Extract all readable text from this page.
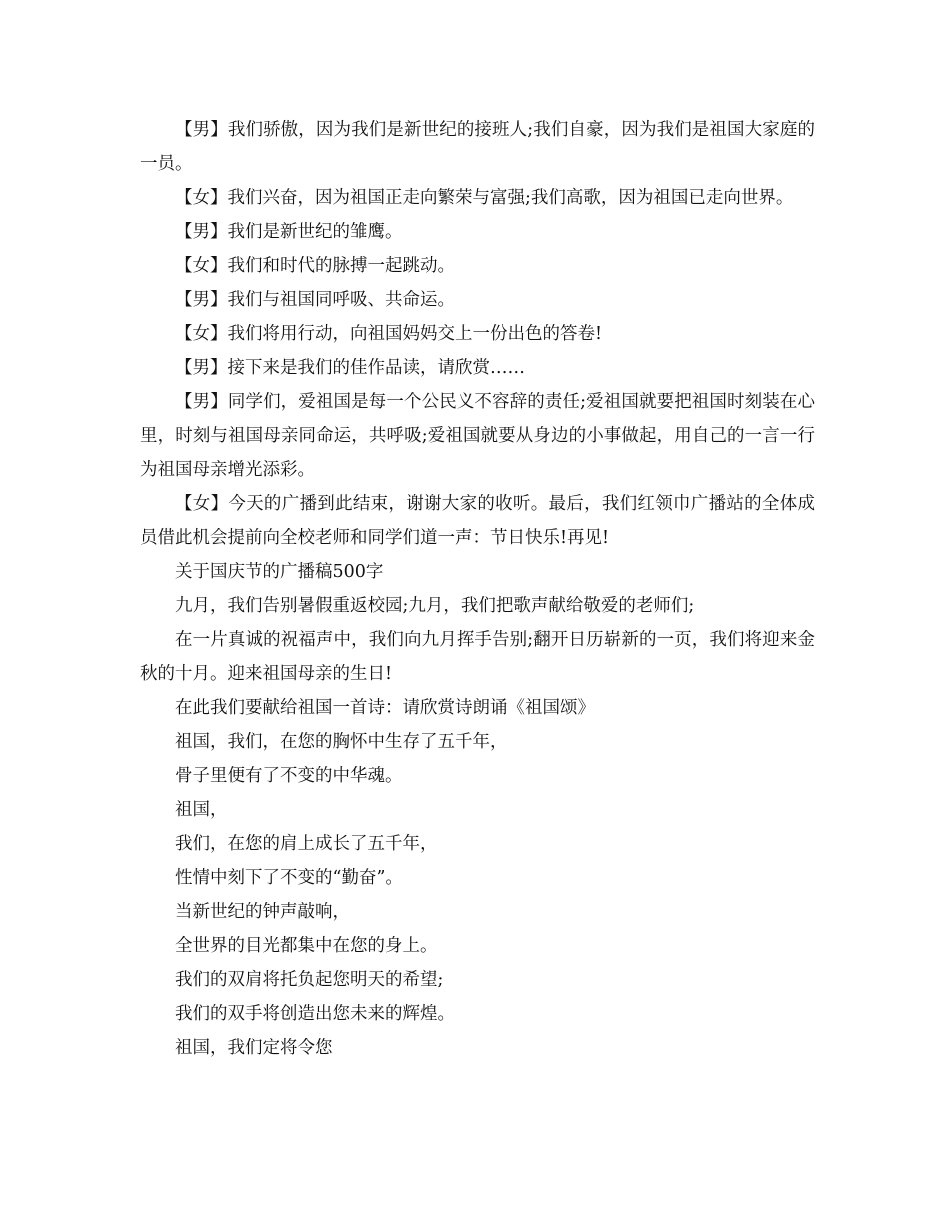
【男】我们骄傲，因为我们是新世纪的接班人;我们自豪，因为我们是祖国大家庭的一员。

【女】我们兴奋，因为祖国正走向繁荣与富强;我们高歌，因为祖国已走向世界。

【男】我们是新世纪的雏鹰。

【女】我们和时代的脉搏一起跳动。

【男】我们与祖国同呼吸、共命运。

【女】我们将用行动，向祖国妈妈交上一份出色的答卷!

【男】接下来是我们的佳作品读，请欣赏……

【男】同学们，爱祖国是每一个公民义不容辞的责任;爱祖国就要把祖国时刻装在心里，时刻与祖国母亲同命运，共呼吸;爱祖国就要从身边的小事做起，用自己的一言一行为祖国母亲增光添彩。

【女】今天的广播到此结束，谢谢大家的收听。最后，我们红领巾广播站的全体成员借此机会提前向全校老师和同学们道一声：节日快乐!再见!

关于国庆节的广播稿500字

九月，我们告别暑假重返校园;九月，我们把歌声献给敬爱的老师们;

在一片真诚的祝福声中，我们向九月挥手告别;翻开日历崭新的一页，我们将迎来金秋的十月。迎来祖国母亲的生日!

在此我们要献给祖国一首诗：请欣赏诗朗诵《祖国颂》

祖国，我们，在您的胸怀中生存了五千年，

骨子里便有了不变的中华魂。

祖国，

我们，在您的肩上成长了五千年，

性情中刻下了不变的“勤奋”。

当新世纪的钟声敲响，

全世界的目光都集中在您的身上。

我们的双肩将托负起您明天的希望;

我们的双手将创造出您未来的辉煌。

祖国，我们定将令您
